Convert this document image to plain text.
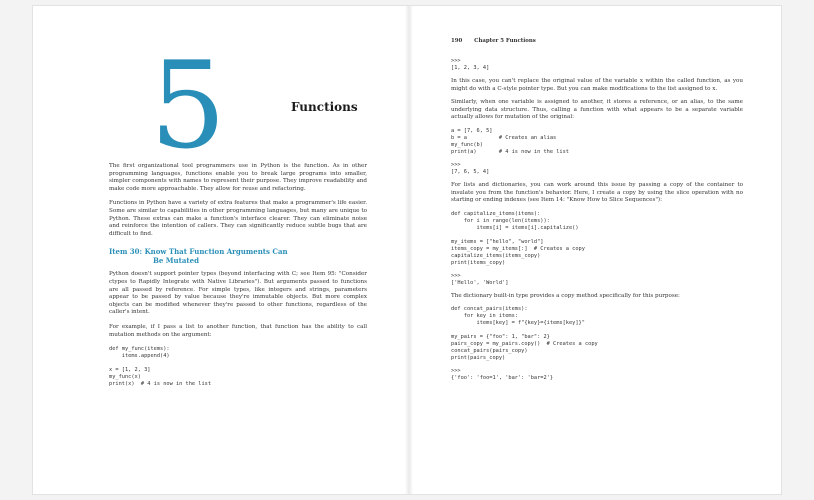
5	Functions

The first organizational tool programmers use in Python is the function. As in other programming languages, functions enable you to break large programs into smaller, simpler components with names to represent their purpose. They improve readability and make code more approachable. They allow for reuse and refactoring.

Functions in Python have a variety of extra features that make a programmer's life easier. Some are similar to capabilities in other programming languages, but many are unique to Python. These extras can make a function's interface clearer. They can eliminate noise and reinforce the intention of callers. They can significantly reduce subtle bugs that are difficult to find.

Item 30: Know That Function Arguments Can
Be Mutated

Python doesn't support pointer types (beyond interfacing with C; see Item 95: "Consider ctypes to Rapidly Integrate with Native Libraries"). But arguments passed to functions are all passed by reference. For simple types, like integers and strings, parameters appear to be passed by value because they're immutable objects. But more complex objects can be modified whenever they're passed to other functions, regardless of the caller's intent.

For example, if I pass a list to another function, that function has the ability to call mutation methods on the argument:

def my_func(items):
items.append(4)

x = [1, 2, 3]
my_func(x)
print(x)  # 4 is now in the list
190 Chapter 5 Functions
>>>
[1, 2, 3, 4]

In this case, you can't replace the original value of the variable x within the called function, as you might do with a C-style pointer type. But you can make modifications to the list assigned to x.

Similarly, when one variable is assigned to another, it stores a reference, or an alias, to the same underlying data structure. Thus, calling a function with what appears to be a separate variable actually allows for mutation of the original:

a = [7, 6, 5]
b = a          # Creates an alias
my_func(b)
print(a)       # 4 is now in the list
>>>
[7, 6, 5, 4]

For lists and dictionaries, you can work around this issue by passing a copy of the container to insulate you from the function's behavior. Here, I create a copy by using the slice operation with no starting or ending indexes (see Item 14: "Know How to Slice Sequences"):

def capitalize_items(items):
for i in range(len(items)):
items[i] = items[i].capitalize()

my_items = ["hello", "world"]
items_copy = my_items[:]  # Creates a copy
capitalize_items(items_copy)
print(items_copy)
>>>
['Hello', 'World']

The dictionary built-in type provides a copy method specifically for this purpose:

def concat_pairs(items):
for key in items:
items[key] = f"{key}={items[key]}"

my_pairs = {"foo": 1, "bar": 2}
pairs_copy = my_pairs.copy()  # Creates a copy
concat_pairs(pairs_copy)
print(pairs_copy)
>>>
{'foo': 'foo=1', 'bar': 'bar=2'}
